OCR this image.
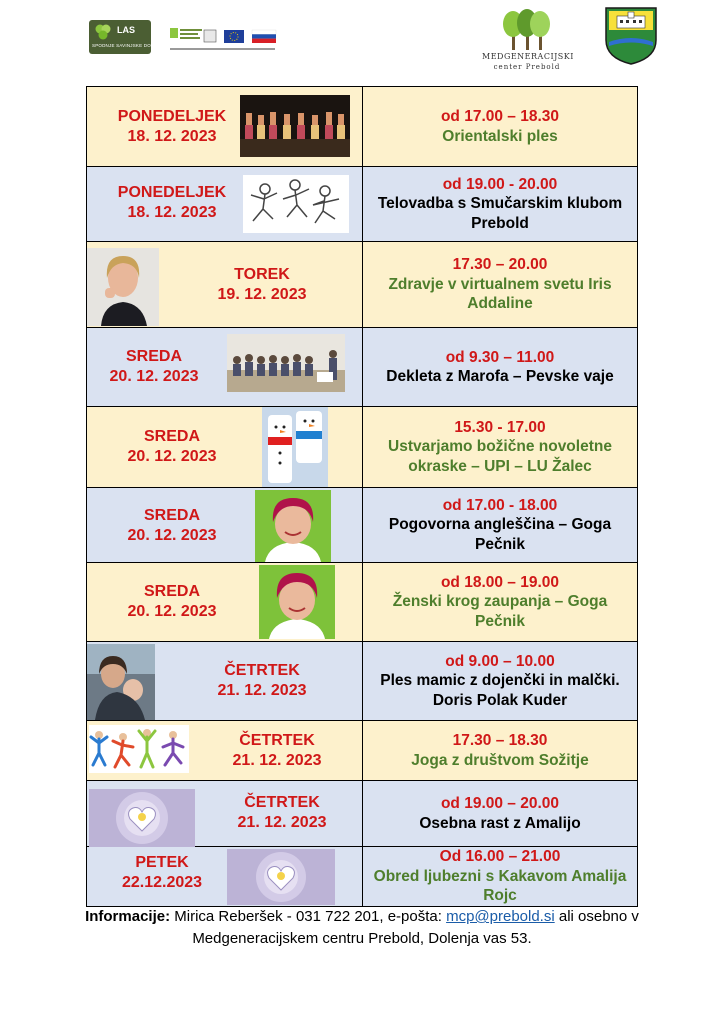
LAS
SPODNJE SAVINJSKE DOLINE
MEDGENERACIJSKI
center Prebold
PONEDELJEK
18. 12. 2023
od 17.00 – 18.30
Orientalski ples
PONEDELJEK
18. 12. 2023
od 19.00 - 20.00
Telovadba s Smučarskim klubom Prebold
TOREK
19. 12. 2023
17.30 – 20.00
Zdravje v virtualnem svetu Iris Addaline
SREDA
20. 12. 2023
od 9.30 – 11.00
Dekleta z Marofa – Pevske vaje
SREDA
20. 12. 2023
15.30 - 17.00
Ustvarjamo božične novoletne okraske – UPI – LU Žalec
SREDA
20. 12. 2023
od 17.00 - 18.00
Pogovorna angleščina – Goga Pečnik
SREDA
20. 12. 2023
od 18.00 – 19.00
Ženski krog zaupanja – Goga Pečnik
ČETRTEK
21. 12. 2023
od 9.00 – 10.00
Ples mamic z dojenčki in malčki. Doris Polak Kuder
ČETRTEK
21. 12. 2023
17.30 – 18.30
Joga z društvom Sožitje
ČETRTEK
21. 12. 2023
od 19.00 – 20.00
Osebna rast z Amalijo
PETEK
22.12.2023
Od 16.00 – 21.00
Obred ljubezni s Kakavom Amalija Rojc
Informacije: Mirica Reberšek - 031 722 201, e-pošta: mcp@prebold.si ali osebno v Medgeneracijskem centru Prebold, Dolenja vas 53.
